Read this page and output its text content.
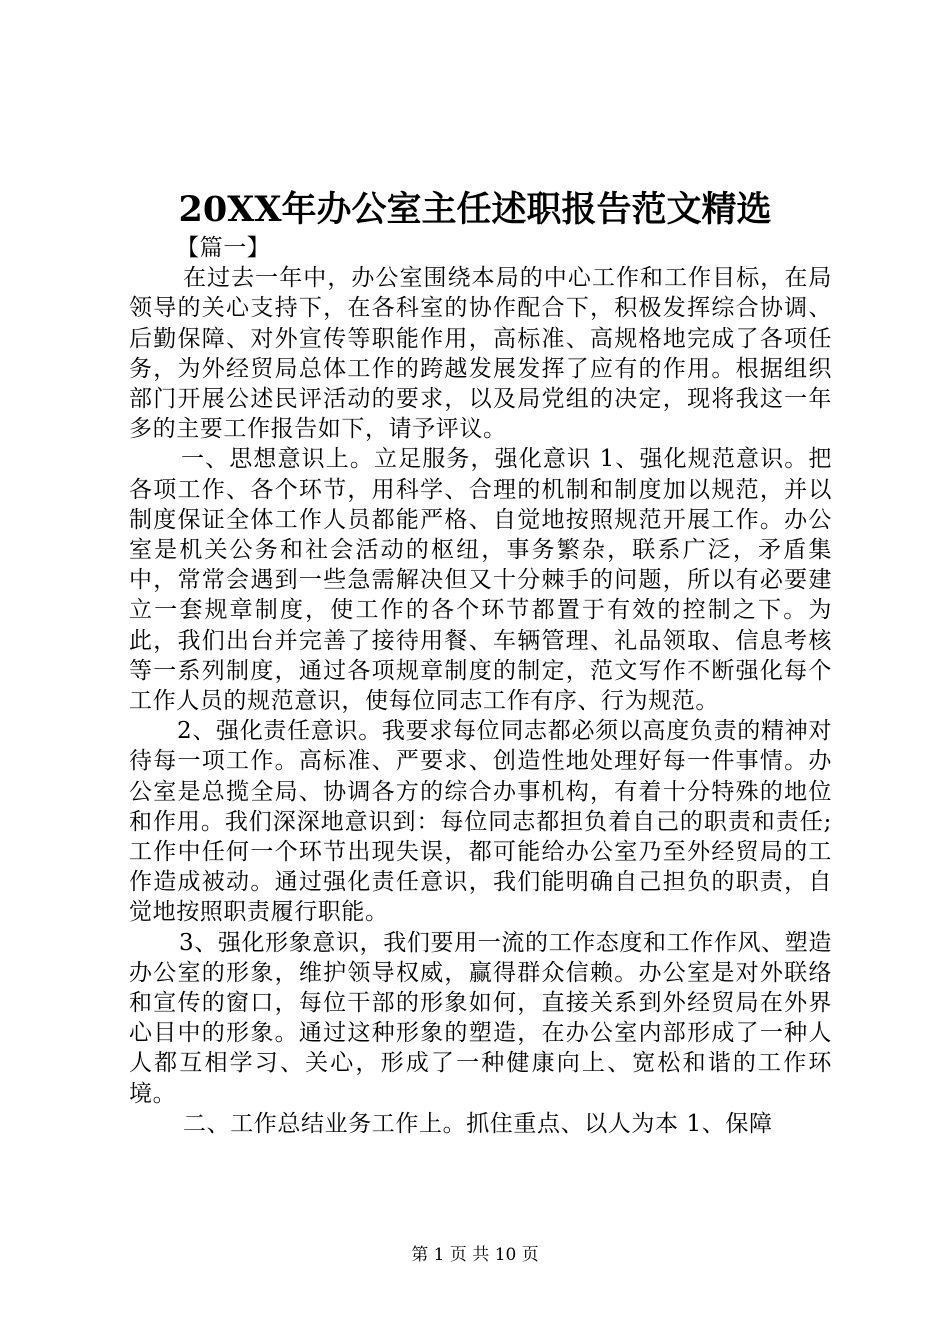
20XX年办公室主任述职报告范文精选

【篇一】

在过去一年中，办公室围绕本局的中心工作和工作目标，在局领导的关心支持下，在各科室的协作配合下，积极发挥综合协调、后勤保障、对外宣传等职能作用，高标准、高规格地完成了各项任务，为外经贸局总体工作的跨越发展发挥了应有的作用。根据组织部门开展公述民评活动的要求，以及局党组的决定，现将我这一年多的主要工作报告如下，请予评议。

一、思想意识上。立足服务，强化意识 1、强化规范意识。把各项工作、各个环节，用科学、合理的机制和制度加以规范，并以制度保证全体工作人员都能严格、自觉地按照规范开展工作。办公室是机关公务和社会活动的枢纽，事务繁杂，联系广泛，矛盾集中，常常会遇到一些急需解决但又十分棘手的问题，所以有必要建立一套规章制度，使工作的各个环节都置于有效的控制之下。为此，我们出台并完善了接待用餐、车辆管理、礼品领取、信息考核等一系列制度，通过各项规章制度的制定，范文写作不断强化每个工作人员的规范意识，使每位同志工作有序、行为规范。

2、强化责任意识。我要求每位同志都必须以高度负责的精神对待每一项工作。高标准、严要求、创造性地处理好每一件事情。办公室是总揽全局、协调各方的综合办事机构，有着十分特殊的地位和作用。我们深深地意识到：每位同志都担负着自己的职责和责任;工作中任何一个环节出现失误，都可能给办公室乃至外经贸局的工作造成被动。通过强化责任意识，我们能明确自己担负的职责，自觉地按照职责履行职能。

3、强化形象意识，我们要用一流的工作态度和工作作风、塑造办公室的形象，维护领导权威，赢得群众信赖。办公室是对外联络和宣传的窗口，每位干部的形象如何，直接关系到外经贸局在外界心目中的形象。通过这种形象的塑造，在办公室内部形成了一种人人都互相学习、关心，形成了一种健康向上、宽松和谐的工作环境。

二、工作总结业务工作上。抓住重点、以人为本 1、保障

第 1 页 共 10 页
